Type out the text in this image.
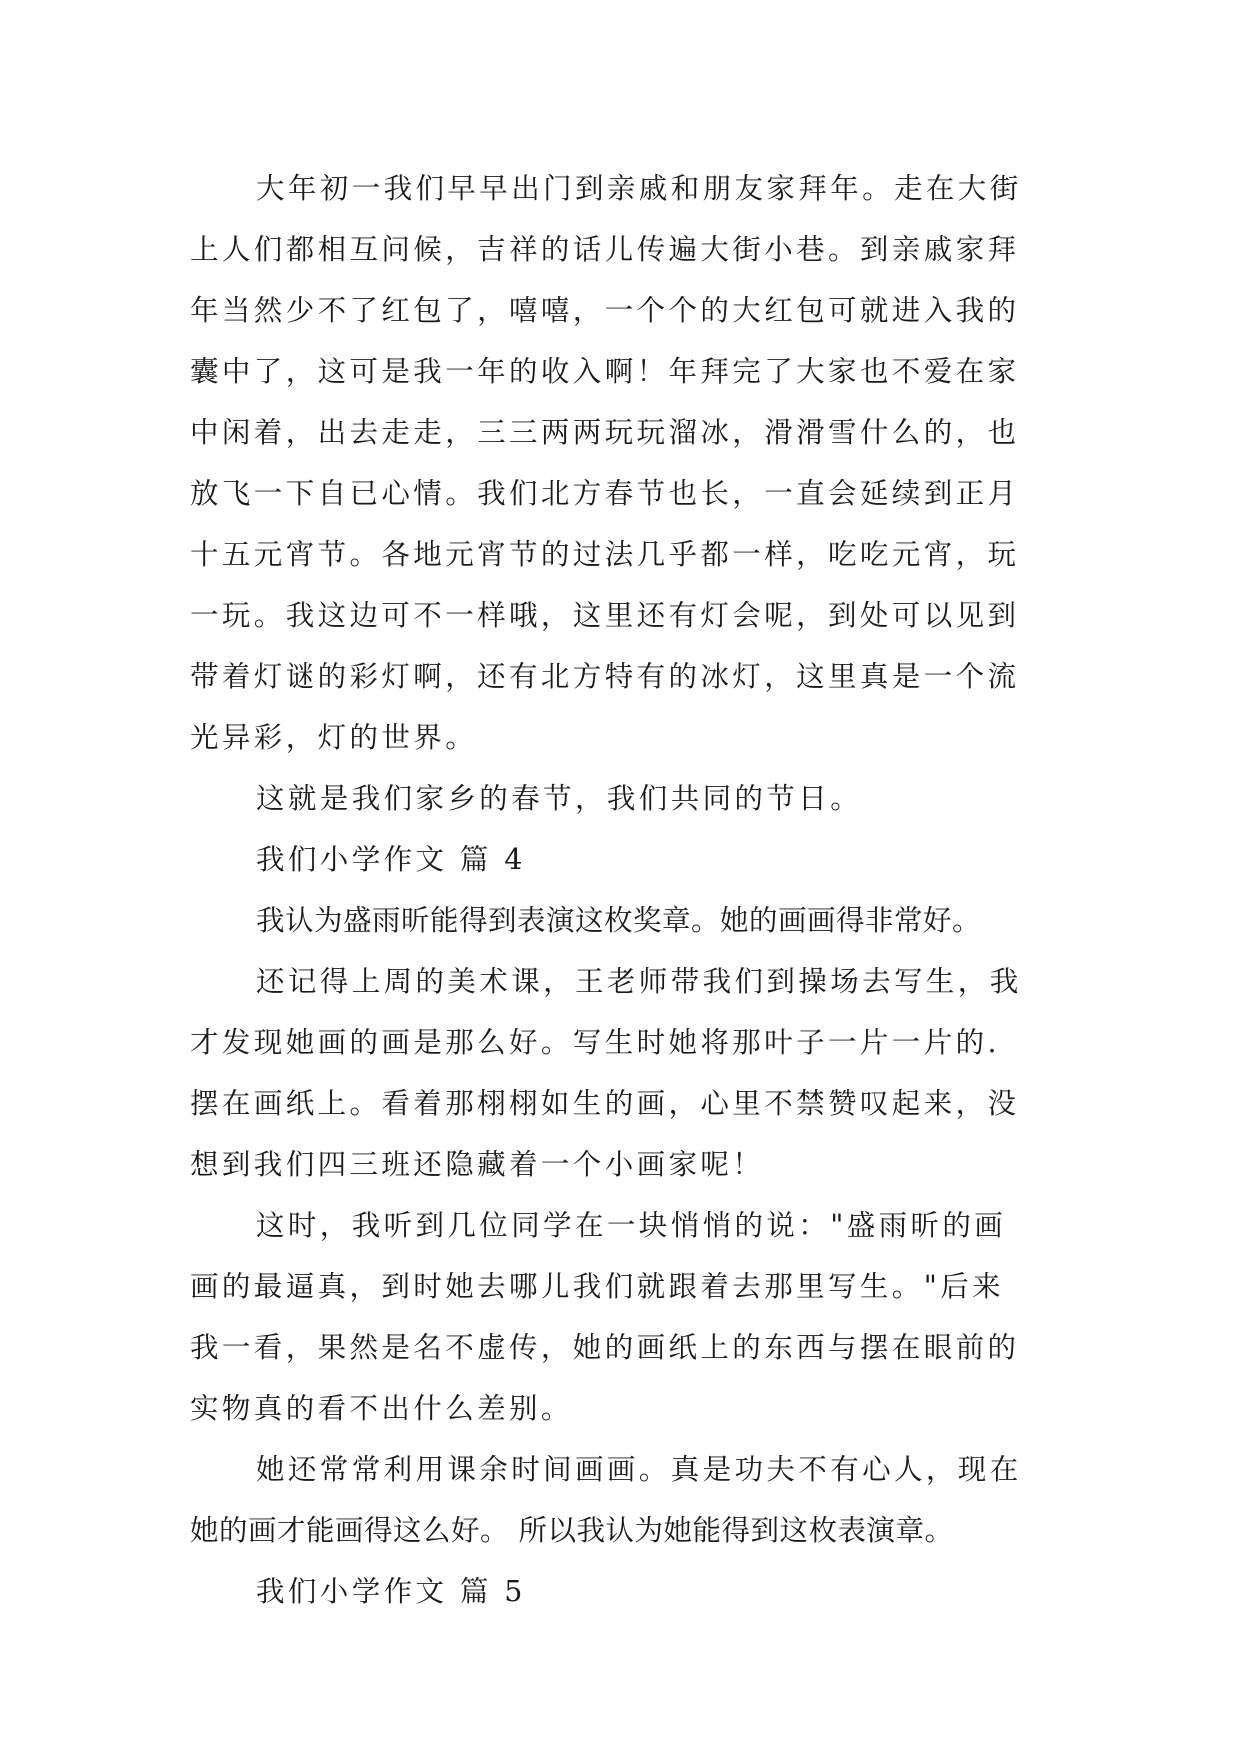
大年初一我们早早出门到亲戚和朋友家拜年。走在大街
上人们都相互问候，吉祥的话儿传遍大街小巷。到亲戚家拜
年当然少不了红包了，嘻嘻，一个个的大红包可就进入我的
囊中了，这可是我一年的收入啊！年拜完了大家也不爱在家
中闲着，出去走走，三三两两玩玩溜冰，滑滑雪什么的，也
放飞一下自已心情。我们北方春节也长，一直会延续到正月
十五元宵节。各地元宵节的过法几乎都一样，吃吃元宵，玩
一玩。我这边可不一样哦，这里还有灯会呢，到处可以见到
带着灯谜的彩灯啊，还有北方特有的冰灯，这里真是一个流
光异彩，灯的世界。
这就是我们家乡的春节，我们共同的节日。
我们小学作文 篇 4
我认为盛雨昕能得到表演这枚奖章。她的画画得非常好。
还记得上周的美术课，王老师带我们到操场去写生，我
才发现她画的画是那么好。写生时她将那叶子一片一片的.
摆在画纸上。看着那栩栩如生的画，心里不禁赞叹起来，没
想到我们四三班还隐藏着一个小画家呢！
这时，我听到几位同学在一块悄悄的说："盛雨昕的画
画的最逼真，到时她去哪儿我们就跟着去那里写生。"后来
我一看，果然是名不虚传，她的画纸上的东西与摆在眼前的
实物真的看不出什么差别。
她还常常利用课余时间画画。真是功夫不有心人，现在
她的画才能画得这么好。 所以我认为她能得到这枚表演章。
我们小学作文 篇 5
